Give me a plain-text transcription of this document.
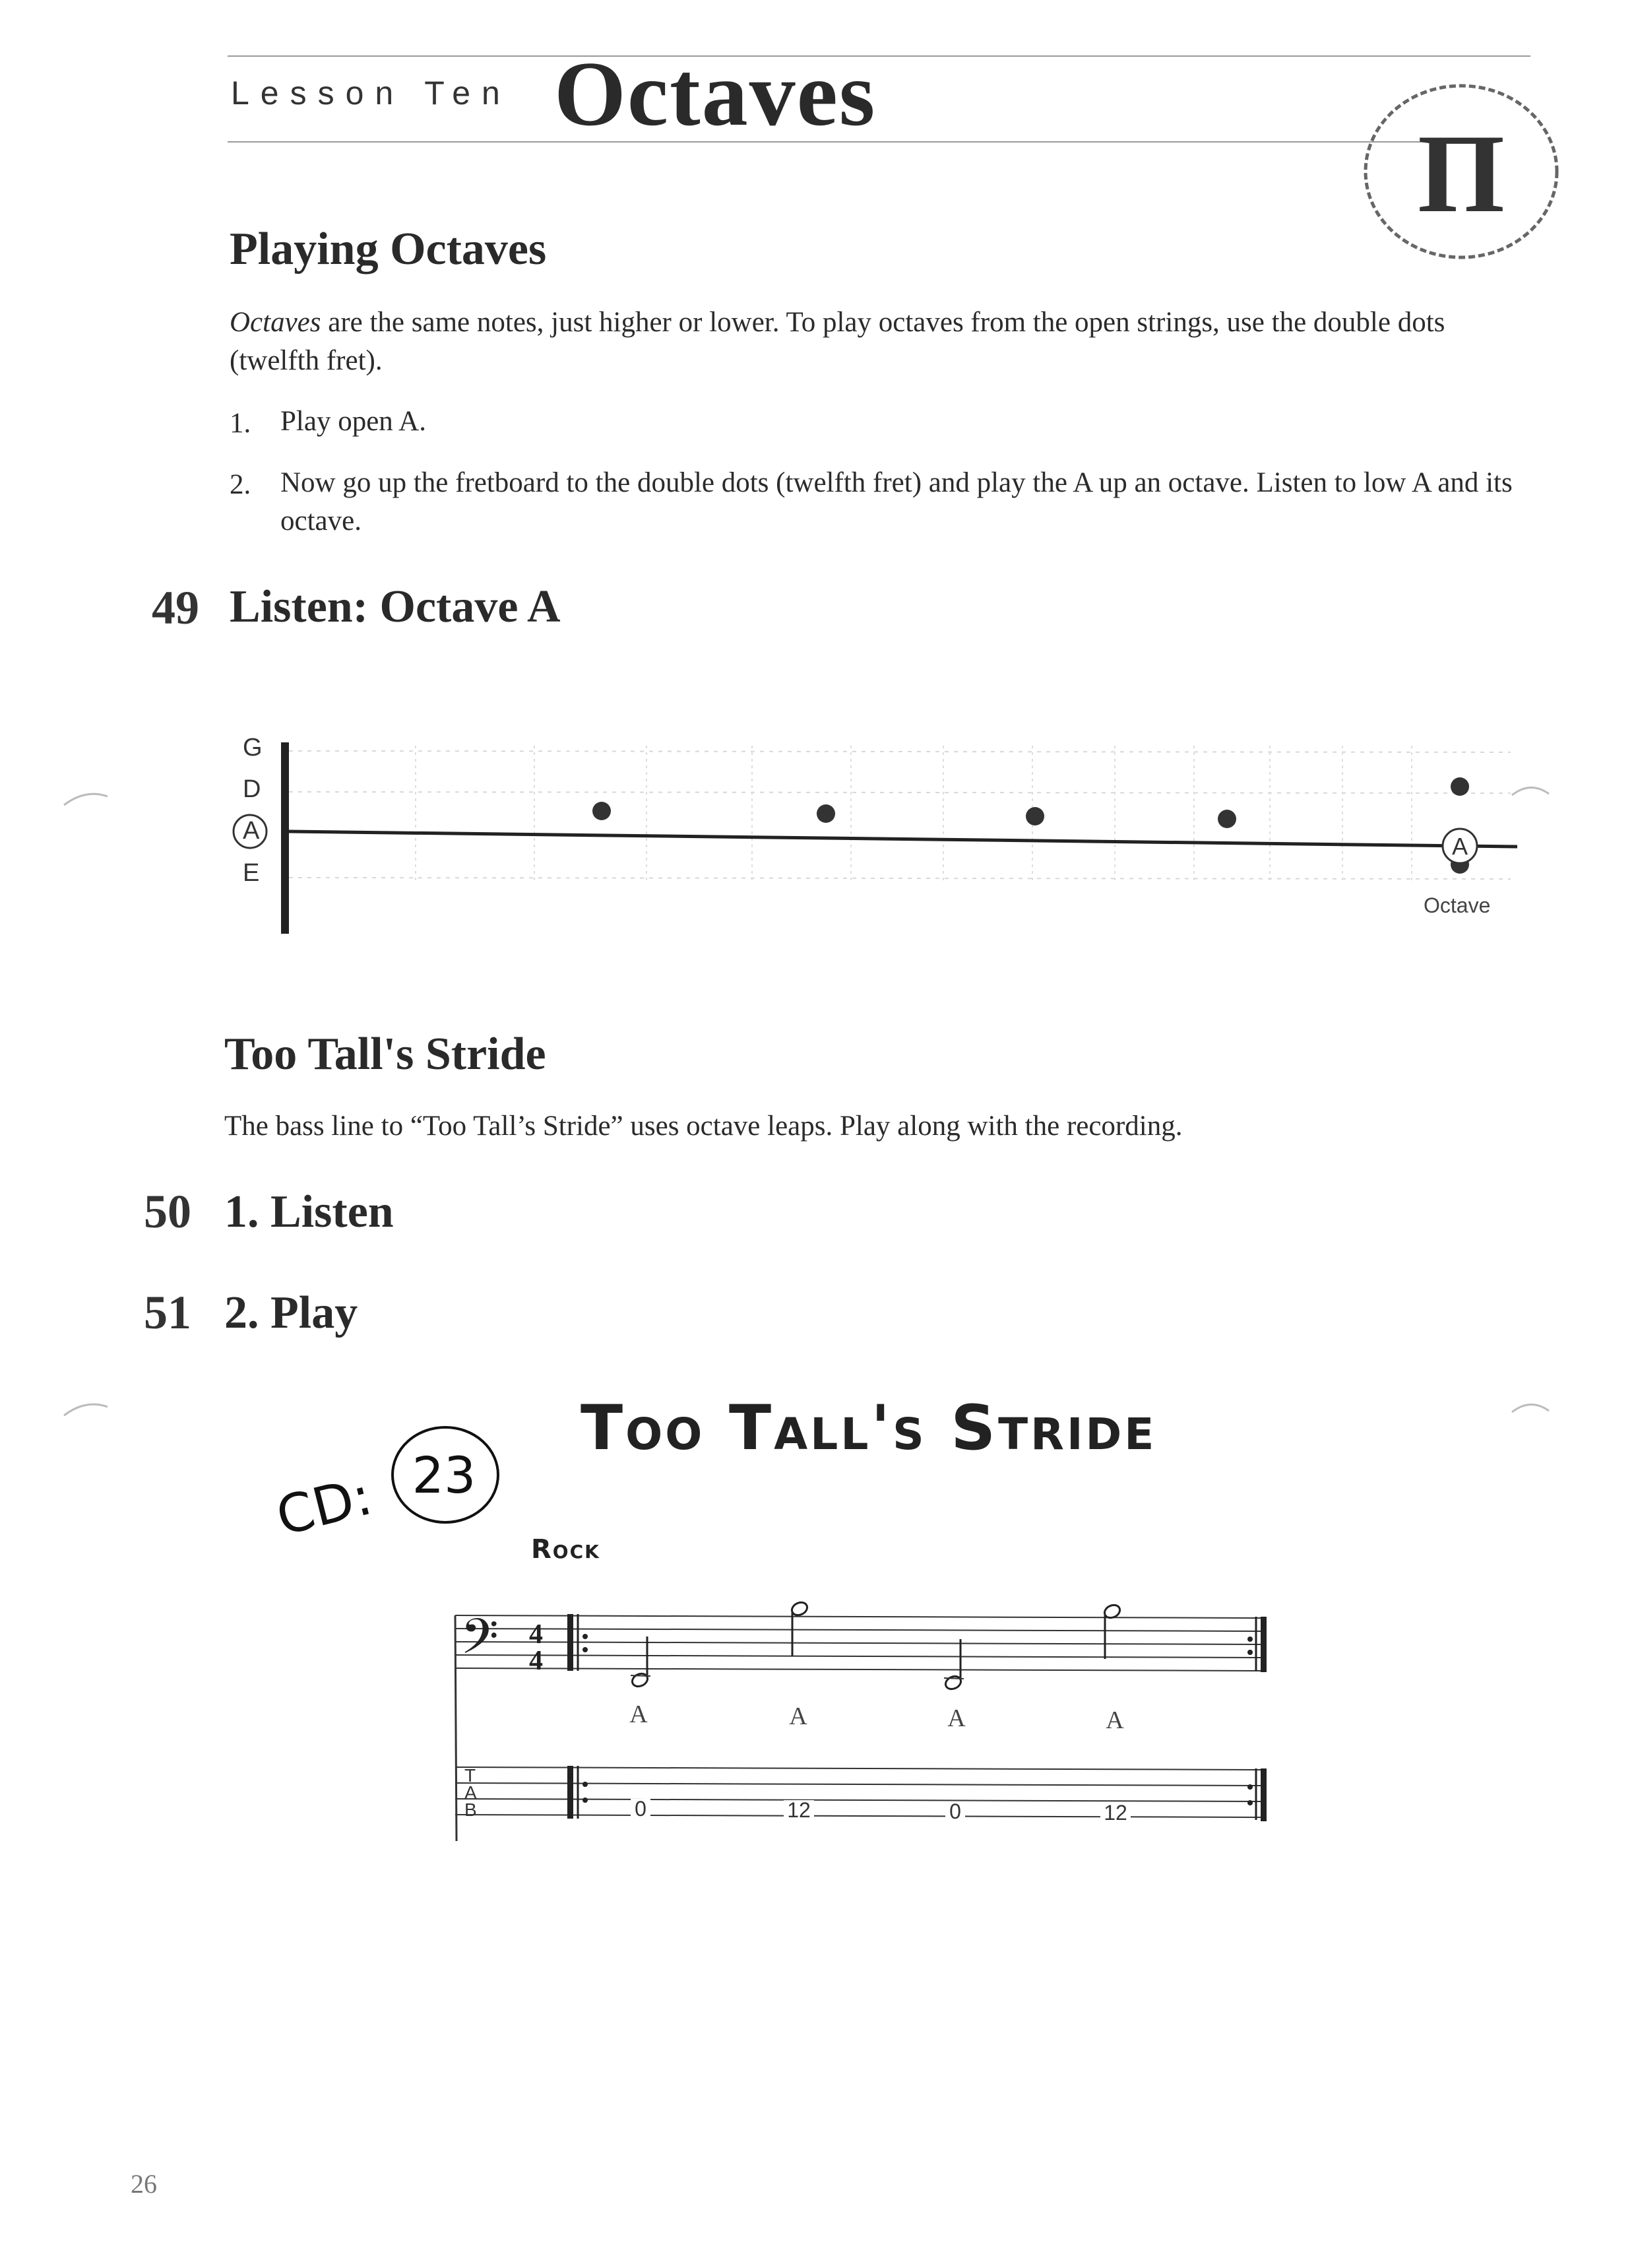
Lesson Ten Octaves
П
Playing Octaves
Octaves are the same notes, just higher or lower. To play octaves from the open strings, use the double dots (twelfth fret).
1. Play open A.
2. Now go up the fretboard to the double dots (twelfth fret) and play the A up an octave. Listen to low A and its octave.
49 Listen: Octave A
G
D
A
E
A
Octave
Too Tall's Stride
The bass line to “Too Tall’s Stride” uses octave leaps. Play along with the recording.
50 1. Listen
51 2. Play
Too Tall's Stride
CD: 23
Rock
𝄢 4
4
A	A	A	A
T
A
B	0	12	0	12
26
